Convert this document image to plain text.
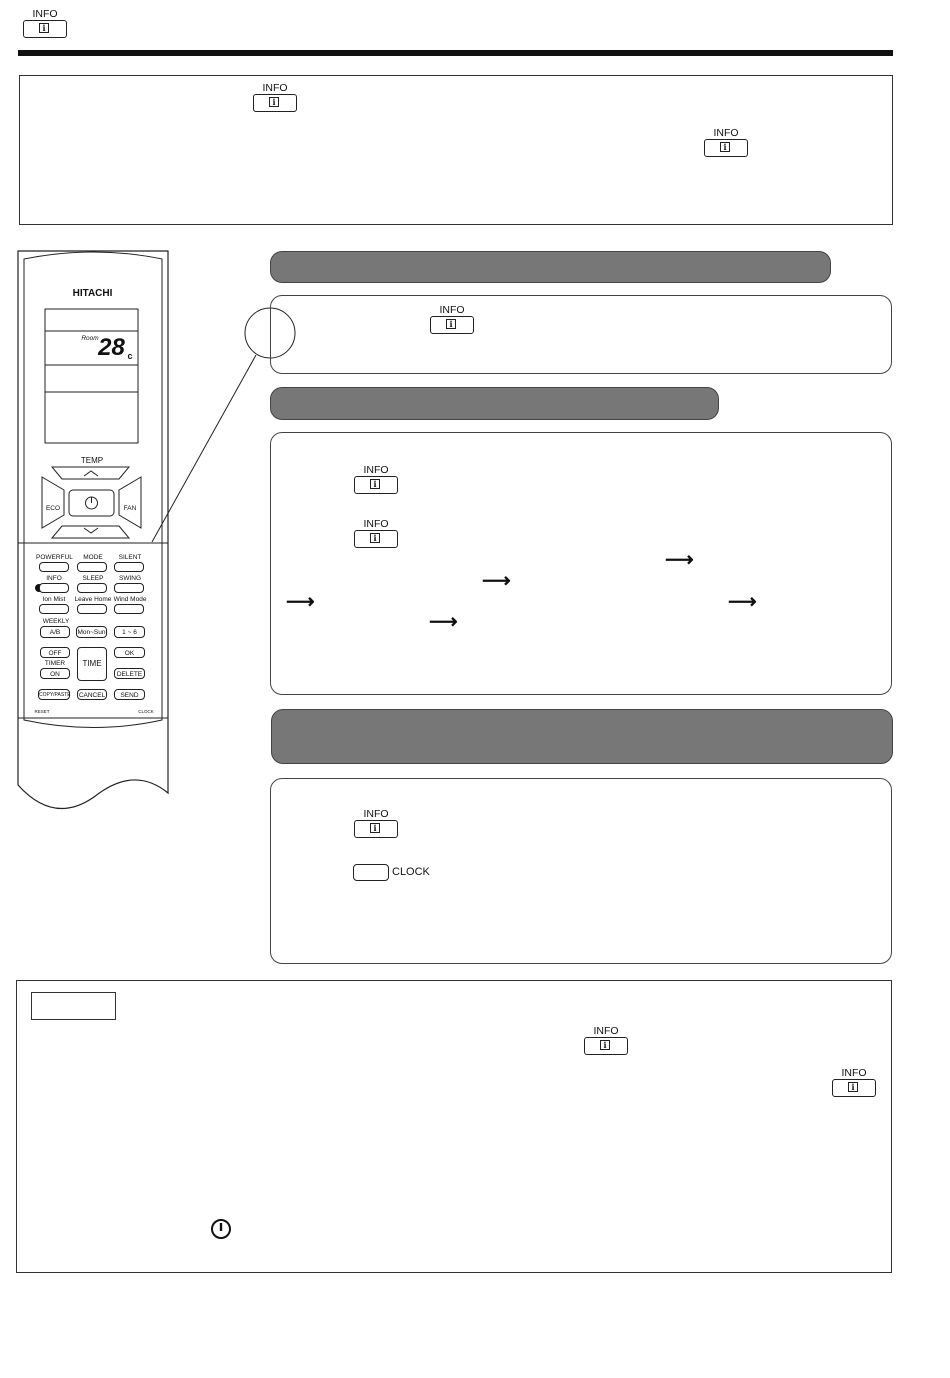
INFO
i
INFO
i
INFO
i
HITACHI
Room 28 c
TEMP
ECO	FAN
POWERFUL	MODE	SILENT
INFO	SLEEP	SWING
Ion Mist	Leave Home Wind Mode
WEEKLY
A/B	Mon~Sun	1 ~ 6
OFF
TIMER
ON
TIME
OK
DELETE
COPY/PASTE CANCEL	SEND
RESET	CLOCK
INFO
i
INFO
i
INFO
i
⟶
⟶
⟶	⟶
⟶
INFO
i
CLOCK
INFO
i
INFO
i
